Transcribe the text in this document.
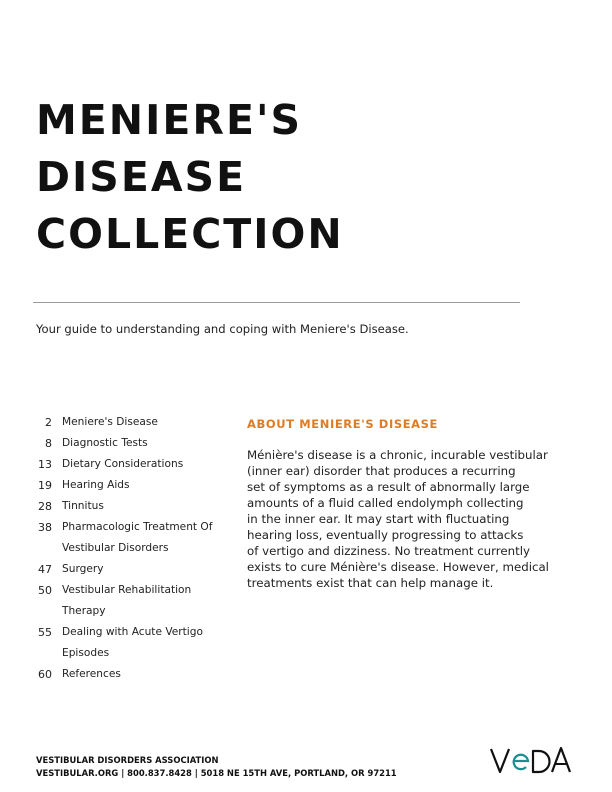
MENIERE'S
DISEASE
COLLECTION

Your guide to understanding and coping with Meniere's Disease.

2 Meniere's Disease
8 Diagnostic Tests
13 Dietary Considerations
19 Hearing Aids
28 Tinnitus
38 Pharmacologic Treatment Of
Vestibular Disorders
47 Surgery
50 Vestibular Rehabilitation
Therapy
55 Dealing with Acute Vertigo
Episodes
60 References
ABOUT MENIERE'S DISEASE
Ménière's disease is a chronic, incurable vestibular
(inner ear) disorder that produces a recurring
set of symptoms as a result of abnormally large
amounts of a fluid called endolymph collecting
in the inner ear. It may start with fluctuating
hearing loss, eventually progressing to attacks
of vertigo and dizziness. No treatment currently
exists to cure Ménière's disease. However, medical
treatments exist that can help manage it.
VESTIBULAR DISORDERS ASSOCIATION
VESTIBULAR.ORG | 800.837.8428 | 5018 NE 15TH AVE, PORTLAND, OR 97211
